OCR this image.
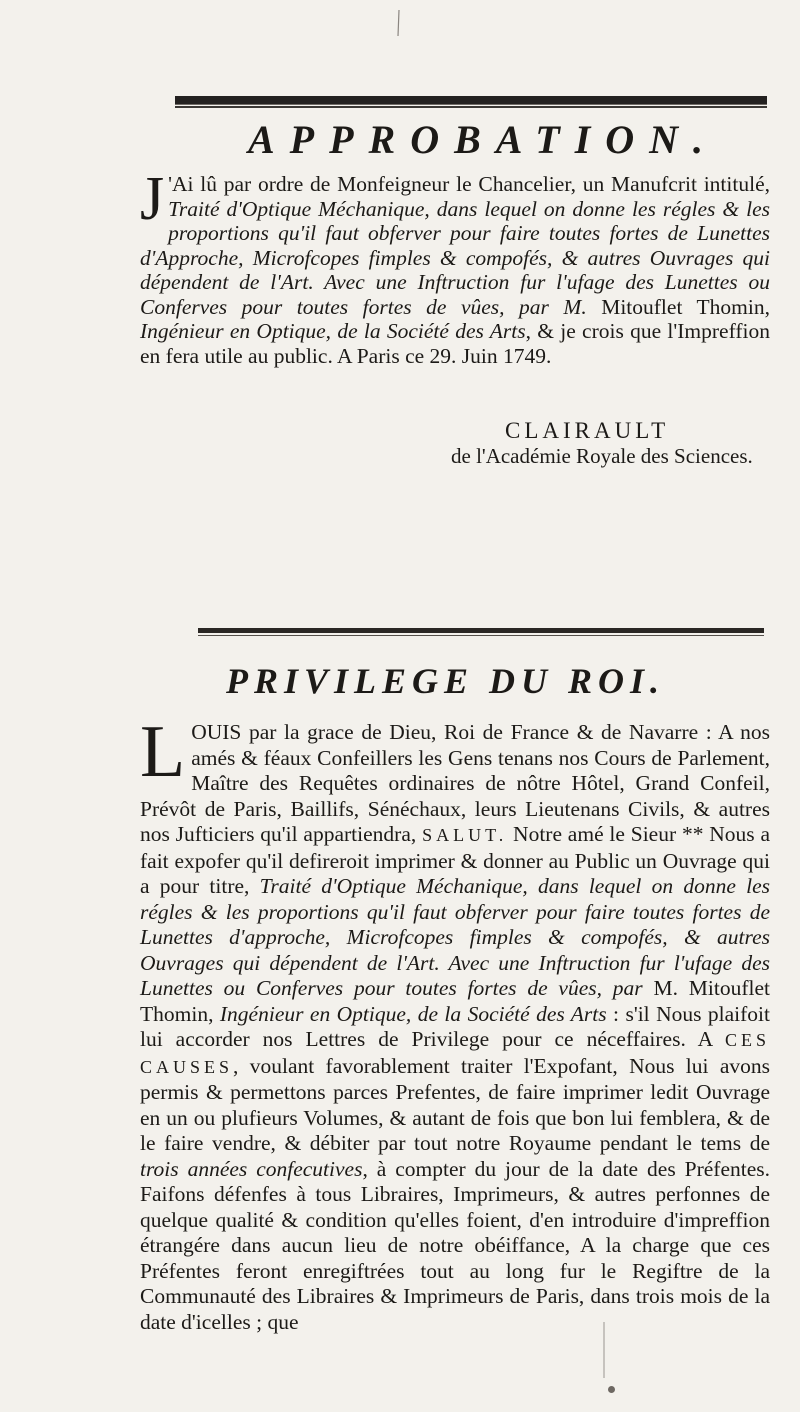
APPROBATION.
J 'Ai lû par ordre de Monfeigneur le Chancelier, un Manufcrit intitulé, Traité d'Optique Méchanique, dans lequel on donne les régles & les proportions qu'il faut obferver pour faire toutes fortes de Lunettes d'Approche, Microfcopes fimples & compofés, & autres Ouvrages qui dépendent de l'Art. Avec une Inftruction fur l'ufage des Lunettes ou Conferves pour toutes fortes de vûes, par M. Mitouflet Thomin, Ingénieur en Optique, de la Société des Arts, & je crois que l'Impreffion en fera utile au public. A Paris ce 29. Juin 1749.
CLAIRAULT
de l'Académie Royale des Sciences.
PRIVILEGE DU ROI.
LOUIS par la grace de Dieu, Roi de France & de Navarre : A nos amés & féaux Confeillers les Gens tenans nos Cours de Parlement, Maître des Requêtes ordinaires de nôtre Hôtel, Grand Confeil, Prévôt de Paris, Baillifs, Sénéchaux, leurs Lieutenans Civils, & autres nos Jufticiers qu'il appartiendra, SALUT. Notre amé le Sieur ** Nous a fait expofer qu'il defireroit imprimer & donner au Public un Ouvrage qui a pour titre, Traité d'Optique Méchanique, dans lequel on donne les régles & les proportions qu'il faut obferver pour faire toutes fortes de Lunettes d'approche, Microfcopes fimples & compofés, & autres Ouvrages qui dépendent de l'Art. Avec une Inftruction fur l'ufage des Lunettes ou Conferves pour toutes fortes de vûes, par M. Mitouflet Thomin, Ingénieur en Optique, de la Société des Arts : s'il Nous plaifoit lui accorder nos Lettres de Privilege pour ce néceffaires. A CES CAUSES, voulant favorablement traiter l'Expofant, Nous lui avons permis & permettons parces Prefentes, de faire imprimer ledit Ouvrage en un ou plufieurs Volumes, & autant de fois que bon lui femblera, & de le faire vendre, & débiter par tout notre Royaume pendant le tems de trois années confecutives, à compter du jour de la date des Préfentes. Faifons défenfes à tous Libraires, Imprimeurs, & autres perfonnes de quelque qualité & condition qu'elles foient, d'en introduire d'impreffion étrangére dans aucun lieu de notre obéiffance, A la charge que ces Préfentes feront enregiftrées tout au long fur le Regiftre de la Communauté des Libraires & Imprimeurs de Paris, dans trois mois de la date d'icelles ; que
